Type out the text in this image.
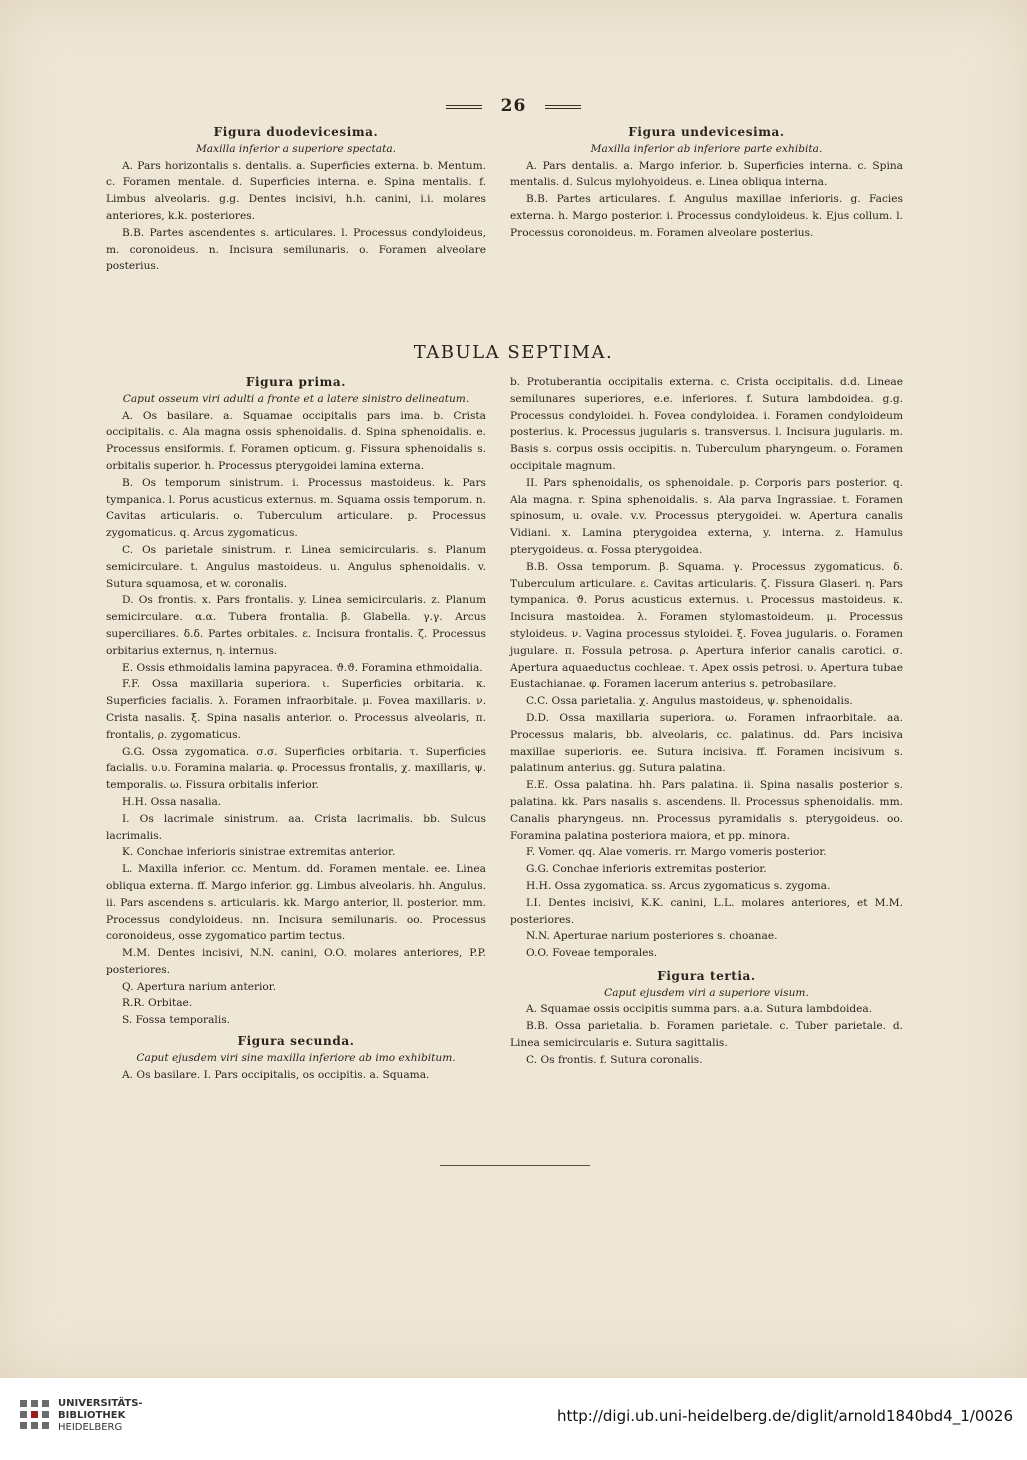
26

Figura duodevicesima.

Maxilla inferior a superiore spectata.

A. Pars horizontalis s. dentalis. a. Superficies externa. b. Mentum. c. Foramen mentale. d. Superficies interna. e. Spina mentalis. f. Limbus alveolaris. g.g. Dentes incisivi, h.h. canini, i.i. molares anteriores, k.k. posteriores.

B.B. Partes ascendentes s. articulares. l. Processus condyloideus, m. coronoideus. n. Incisura semilunaris. o. Foramen alveolare posterius.

Figura undevicesima.

Maxilla inferior ab inferiore parte exhibita.

A. Pars dentalis. a. Margo inferior. b. Superficies interna. c. Spina mentalis. d. Sulcus mylohyoideus. e. Linea obliqua interna.

B.B. Partes articulares. f. Angulus maxillae inferioris. g. Facies externa. h. Margo posterior. i. Processus condyloideus. k. Ejus collum. l. Processus coronoideus. m. Foramen alveolare posterius.

TABULA SEPTIMA.

Figura prima.

Caput osseum viri adulti a fronte et a latere sinistro delineatum.

A. Os basilare. a. Squamae occipitalis pars ima. b. Crista occipitalis. c. Ala magna ossis sphenoidalis. d. Spina sphenoidalis. e. Processus ensiformis. f. Foramen opticum. g. Fissura sphenoidalis s. orbitalis superior. h. Processus pterygoidei lamina externa.

B. Os temporum sinistrum. i. Processus mastoideus. k. Pars tympanica. l. Porus acusticus externus. m. Squama ossis temporum. n. Cavitas articularis. o. Tuberculum articulare. p. Processus zygomaticus. q. Arcus zygomaticus.

C. Os parietale sinistrum. r. Linea semicircularis. s. Planum semicirculare. t. Angulus mastoideus. u. Angulus sphenoidalis. v. Sutura squamosa, et w. coronalis.

D. Os frontis. x. Pars frontalis. y. Linea semicircularis. z. Planum semicirculare. α.α. Tubera frontalia. β. Glabella. γ.γ. Arcus superciliares. δ.δ. Partes orbitales. ε. Incisura frontalis. ζ. Processus orbitarius externus, η. internus.

E. Ossis ethmoidalis lamina papyracea. ϑ.ϑ. Foramina ethmoidalia.

F.F. Ossa maxillaria superiora. ι. Superficies orbitaria. κ. Superficies facialis. λ. Foramen infraorbitale. μ. Fovea maxillaris. ν. Crista nasalis. ξ. Spina nasalis anterior. ο. Processus alveolaris, π. frontalis, ρ. zygomaticus.

G.G. Ossa zygomatica. σ.σ. Superficies orbitaria. τ. Superficies facialis. υ.υ. Foramina malaria. φ. Processus frontalis, χ. maxillaris, ψ. temporalis. ω. Fissura orbitalis inferior.

H.H. Ossa nasalia.

I. Os lacrimale sinistrum. aa. Crista lacrimalis. bb. Sulcus lacrimalis.

K. Conchae inferioris sinistrae extremitas anterior.

L. Maxilla inferior. cc. Mentum. dd. Foramen mentale. ee. Linea obliqua externa. ff. Margo inferior. gg. Limbus alveolaris. hh. Angulus. ii. Pars ascendens s. articularis. kk. Margo anterior, ll. posterior. mm. Processus condyloideus. nn. Incisura semilunaris. oo. Processus coronoideus, osse zygomatico partim tectus.

M.M. Dentes incisivi, N.N. canini, O.O. molares anteriores, P.P. posteriores.

Q. Apertura narium anterior.

R.R. Orbitae.

S. Fossa temporalis.

Figura secunda.

Caput ejusdem viri sine maxilla inferiore ab imo exhibitum.

A. Os basilare. I. Pars occipitalis, os occipitis. a. Squama.

b. Protuberantia occipitalis externa. c. Crista occipitalis. d.d. Lineae semilunares superiores, e.e. inferiores. f. Sutura lambdoidea. g.g. Processus condyloidei. h. Fovea condyloidea. i. Foramen condyloideum posterius. k. Processus jugularis s. transversus. l. Incisura jugularis. m. Basis s. corpus ossis occipitis. n. Tuberculum pharyngeum. o. Foramen occipitale magnum.

II. Pars sphenoidalis, os sphenoidale. p. Corporis pars posterior. q. Ala magna. r. Spina sphenoidalis. s. Ala parva Ingrassiae. t. Foramen spinosum, u. ovale. v.v. Processus pterygoidei. w. Apertura canalis Vidiani. x. Lamina pterygoidea externa, y. interna. z. Hamulus pterygoideus. α. Fossa pterygoidea.

B.B. Ossa temporum. β. Squama. γ. Processus zygomaticus. δ. Tuberculum articulare. ε. Cavitas articularis. ζ. Fissura Glaseri. η. Pars tympanica. ϑ. Porus acusticus externus. ι. Processus mastoideus. κ. Incisura mastoidea. λ. Foramen stylomastoideum. μ. Processus styloideus. ν. Vagina processus styloidei. ξ. Fovea jugularis. ο. Foramen jugulare. π. Fossula petrosa. ρ. Apertura inferior canalis carotici. σ. Apertura aquaeductus cochleae. τ. Apex ossis petrosi. υ. Apertura tubae Eustachianae. φ. Foramen lacerum anterius s. petrobasilare.

C.C. Ossa parietalia. χ. Angulus mastoideus, ψ. sphenoidalis.

D.D. Ossa maxillaria superiora. ω. Foramen infraorbitale. aa. Processus malaris, bb. alveolaris, cc. palatinus. dd. Pars incisiva maxillae superioris. ee. Sutura incisiva. ff. Foramen incisivum s. palatinum anterius. gg. Sutura palatina.

E.E. Ossa palatina. hh. Pars palatina. ii. Spina nasalis posterior s. palatina. kk. Pars nasalis s. ascendens. ll. Processus sphenoidalis. mm. Canalis pharyngeus. nn. Processus pyramidalis s. pterygoideus. oo. Foramina palatina posteriora maiora, et pp. minora.

F. Vomer. qq. Alae vomeris. rr. Margo vomeris posterior.

G.G. Conchae inferioris extremitas posterior.

H.H. Ossa zygomatica. ss. Arcus zygomaticus s. zygoma.

I.I. Dentes incisivi, K.K. canini, L.L. molares anteriores, et M.M. posteriores.

N.N. Aperturae narium posteriores s. choanae.

O.O. Foveae temporales.

Figura tertia.

Caput ejusdem viri a superiore visum.

A. Squamae ossis occipitis summa pars. a.a. Sutura lambdoidea.

B.B. Ossa parietalia. b. Foramen parietale. c. Tuber parietale. d. Linea semicircularis e. Sutura sagittalis.

C. Os frontis. f. Sutura coronalis.

UNIVERSITÄTS-
BIBLIOTHEK
HEIDELBERG
http://digi.ub.uni-heidelberg.de/diglit/arnold1840bd4_1/0026
